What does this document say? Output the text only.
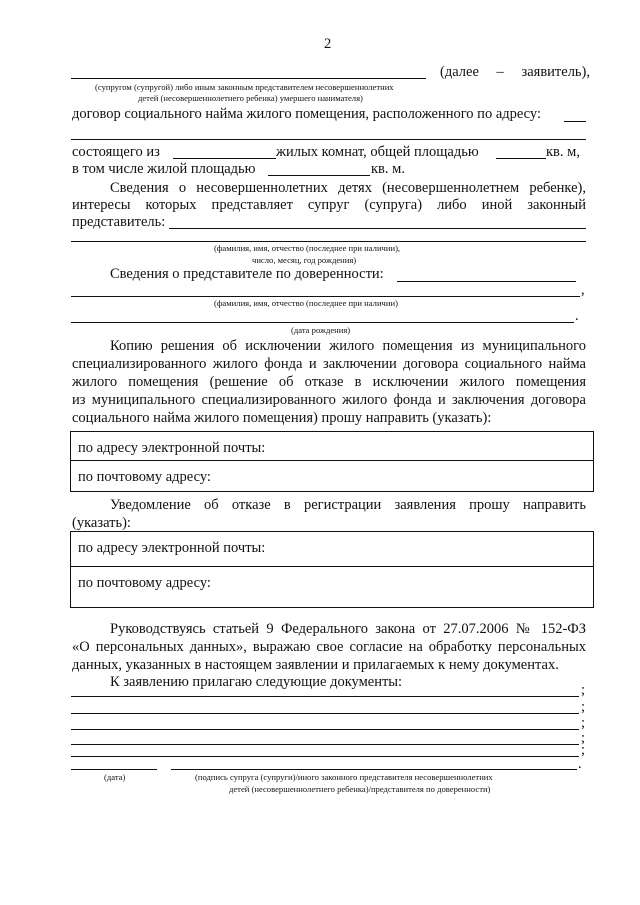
2
(далее – заявитель),
(супругом (супругой) либо иным законным представителем несовершеннолетних
детей (несовершеннолетнего ребенка) умершего нанимателя)
договор социального найма жилого помещения, расположенного по адресу:
состоящего из	жилых комнат, общей площадью	кв. м,
в том числе жилой площадью	кв. м.
Сведения о несовершеннолетних детях (несовершеннолетнем ребенке),
интересы которых представляет супруг (супруга) либо иной законный
представитель:
(фамилия, имя, отчество (последнее при наличии),
число, месяц, год рождения)
Сведения о представителе по доверенности:
,
(фамилия, имя, отчество (последнее при наличии)
.
(дата рождения)
Копию решения об исключении жилого помещения из муниципального
специализированного жилого фонда и заключении договора социального найма
жилого помещения (решение об отказе в исключении жилого помещения
из муниципального специализированного жилого фонда и заключения договора
социального найма жилого помещения) прошу направить (указать):
по адресу электронной почты:
по почтовому адресу:
Уведомление об отказе в регистрации заявления прошу направить
(указать):
по адресу электронной почты:
по почтовому адресу:
Руководствуясь статьей 9 Федерального закона от 27.07.2006 № 152-ФЗ
«О персональных данных», выражаю свое согласие на обработку персональных
данных, указанных в настоящем заявлении и прилагаемых к нему документах.
К заявлению прилагаю следующие документы:	;
;
;
;
;
.
(дата)	(подпись супруга (супруги)/иного законного представителя несовершеннолетних
детей (несовершеннолетнего ребенка)/представителя по доверенности)
